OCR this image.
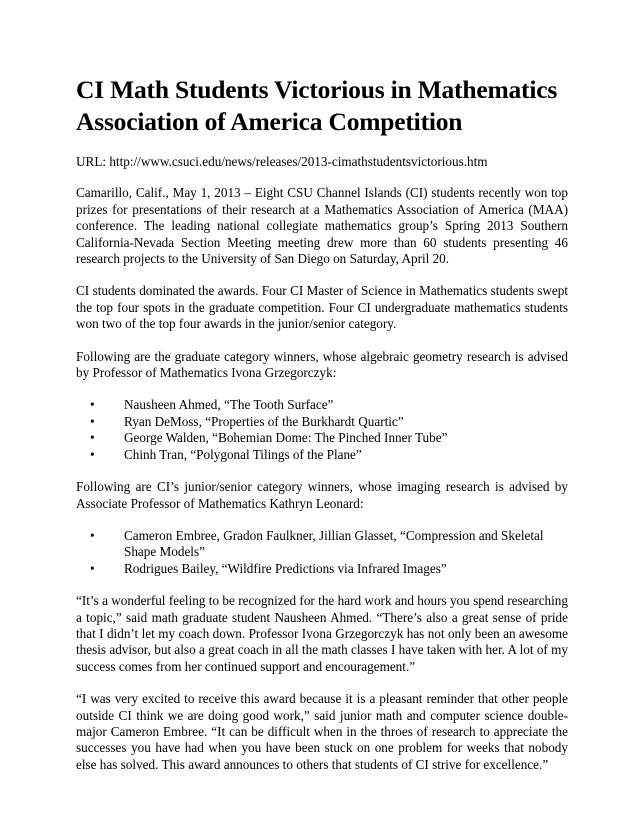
CI Math Students Victorious in Mathematics Association of America Competition

URL: http://www.csuci.edu/news/releases/2013-cimathstudentsvictorious.htm

Camarillo, Calif., May 1, 2013 – Eight CSU Channel Islands (CI) students recently won top prizes for presentations of their research at a Mathematics Association of America (MAA) conference. The leading national collegiate mathematics group’s Spring 2013 Southern California-Nevada Section Meeting meeting drew more than 60 students presenting 46 research projects to the University of San Diego on Saturday, April 20.

CI students dominated the awards. Four CI Master of Science in Mathematics students swept the top four spots in the graduate competition. Four CI undergraduate mathematics students won two of the top four awards in the junior/senior category.

Following are the graduate category winners, whose algebraic geometry research is advised by Professor of Mathematics Ivona Grzegorczyk:

• Nausheen Ahmed, “The Tooth Surface”
• Ryan DeMoss, “Properties of the Burkhardt Quartic”
• George Walden, “Bohemian Dome: The Pinched Inner Tube”
• Chinh Tran, “Polygonal Tilings of the Plane”

Following are CI’s junior/senior category winners, whose imaging research is advised by Associate Professor of Mathematics Kathryn Leonard:

• Cameron Embree, Gradon Faulkner, Jillian Glasset, “Compression and Skeletal Shape Models”
• Rodrigues Bailey, “Wildfire Predictions via Infrared Images”

“It’s a wonderful feeling to be recognized for the hard work and hours you spend researching a topic,” said math graduate student Nausheen Ahmed. “There’s also a great sense of pride that I didn’t let my coach down. Professor Ivona Grzegorczyk has not only been an awesome thesis advisor, but also a great coach in all the math classes I have taken with her. A lot of my success comes from her continued support and encouragement.”

“I was very excited to receive this award because it is a pleasant reminder that other people outside CI think we are doing good work,” said junior math and computer science double-major Cameron Embree. “It can be difficult when in the throes of research to appreciate the successes you have had when you have been stuck on one problem for weeks that nobody else has solved. This award announces to others that students of CI strive for excellence.”
